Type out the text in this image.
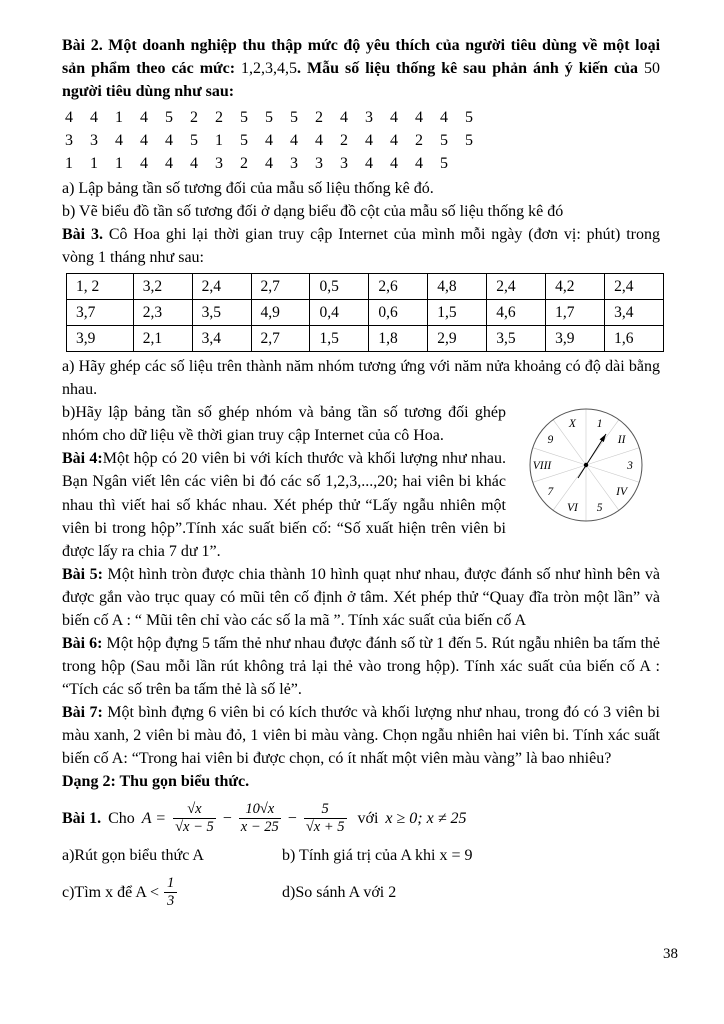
Bài 2. Một doanh nghiệp thu thập mức độ yêu thích của người tiêu dùng về một loại sản phẩm theo các mức: 1,2,3,4,5. Mẫu số liệu thống kê sau phản ánh ý kiến của 50 người tiêu dùng như sau:

4 4 1 4 5 2 2 5 5 5 2 4 3 4 4 4 5
3 3 4 4 4 5 1 5 4 4 4 2 4 4 2 5 5
1 1 1 4 4 4 3 2 4 3 3 3 4 4 4 5

a) Lập bảng tần số tương đối của mẫu số liệu thống kê đó.

b) Vẽ biểu đồ tần số tương đối ở dạng biểu đồ cột của mẫu số liệu thống kê đó

Bài 3. Cô Hoa ghi lại thời gian truy cập Internet của mình mỗi ngày (đơn vị: phút) trong vòng 1 tháng như sau:

1, 2	3,2	2,4	2,7	0,5	2,6	4,8	2,4	4,2	2,4
3,7	2,3	3,5	4,9	0,4	0,6	1,5	4,6	1,7	3,4
3,9	2,1	3,4	2,7	1,5	1,8	2,9	3,5	3,9	1,6

a) Hãy ghép các số liệu trên thành năm nhóm tương ứng với năm nửa khoảng có độ dài bằng nhau.

1
II
3
IV
5
VI
7
VIII
9
X

b)Hãy lập bảng tần số ghép nhóm và bảng tần số tương đối ghép nhóm cho dữ liệu về thời gian truy cập Internet của cô Hoa.

Bài 4:Một hộp có 20 viên bi với kích thước và khối lượng như nhau. Bạn Ngân viết lên các viên bi đó các số 1,2,3,...,20; hai viên bi khác nhau thì viết hai số khác nhau. Xét phép thử “Lấy ngẫu nhiên một viên bi trong hộp”.Tính xác suất biến cố: “Số xuất hiện trên viên bi được lấy ra chia 7 dư 1”.

Bài 5: Một hình tròn được chia thành 10 hình quạt như nhau, được đánh số như hình bên và được gắn vào trục quay có mũi tên cố định ở tâm. Xét phép thử “Quay đĩa tròn một lần” và biến cố A : “ Mũi tên chỉ vào các số la mã ”. Tính xác suất của biến cố A

Bài 6: Một hộp đựng 5 tấm thẻ như nhau được đánh số từ 1 đến 5. Rút ngẫu nhiên ba tấm thẻ trong hộp (Sau mỗi lần rút không trả lại thẻ vào trong hộp). Tính xác suất của biến cố A : “Tích các số trên ba tấm thẻ là số lẻ”.

Bài 7: Một bình đựng 6 viên bi có kích thước và khối lượng như nhau, trong đó có 3 viên bi màu xanh, 2 viên bi màu đỏ, 1 viên bi màu vàng. Chọn ngẫu nhiên hai viên bi. Tính xác suất biến cố A: “Trong hai viên bi được chọn, có ít nhất một viên màu vàng” là bao nhiêu?

Dạng 2: Thu gọn biểu thức.

Bài 1. Cho $A = \frac{√x}{√x - 5} - \frac{10√x}{x - 25} - \frac{5}{√x + 5}$ với x ≥ 0; x ≠ 25
a)Rút gọn biểu thức A	b) Tính giá trị của A khi x = 9
c)Tìm x để $A < \frac{1}{3}$	d)So sánh A với 2
38
